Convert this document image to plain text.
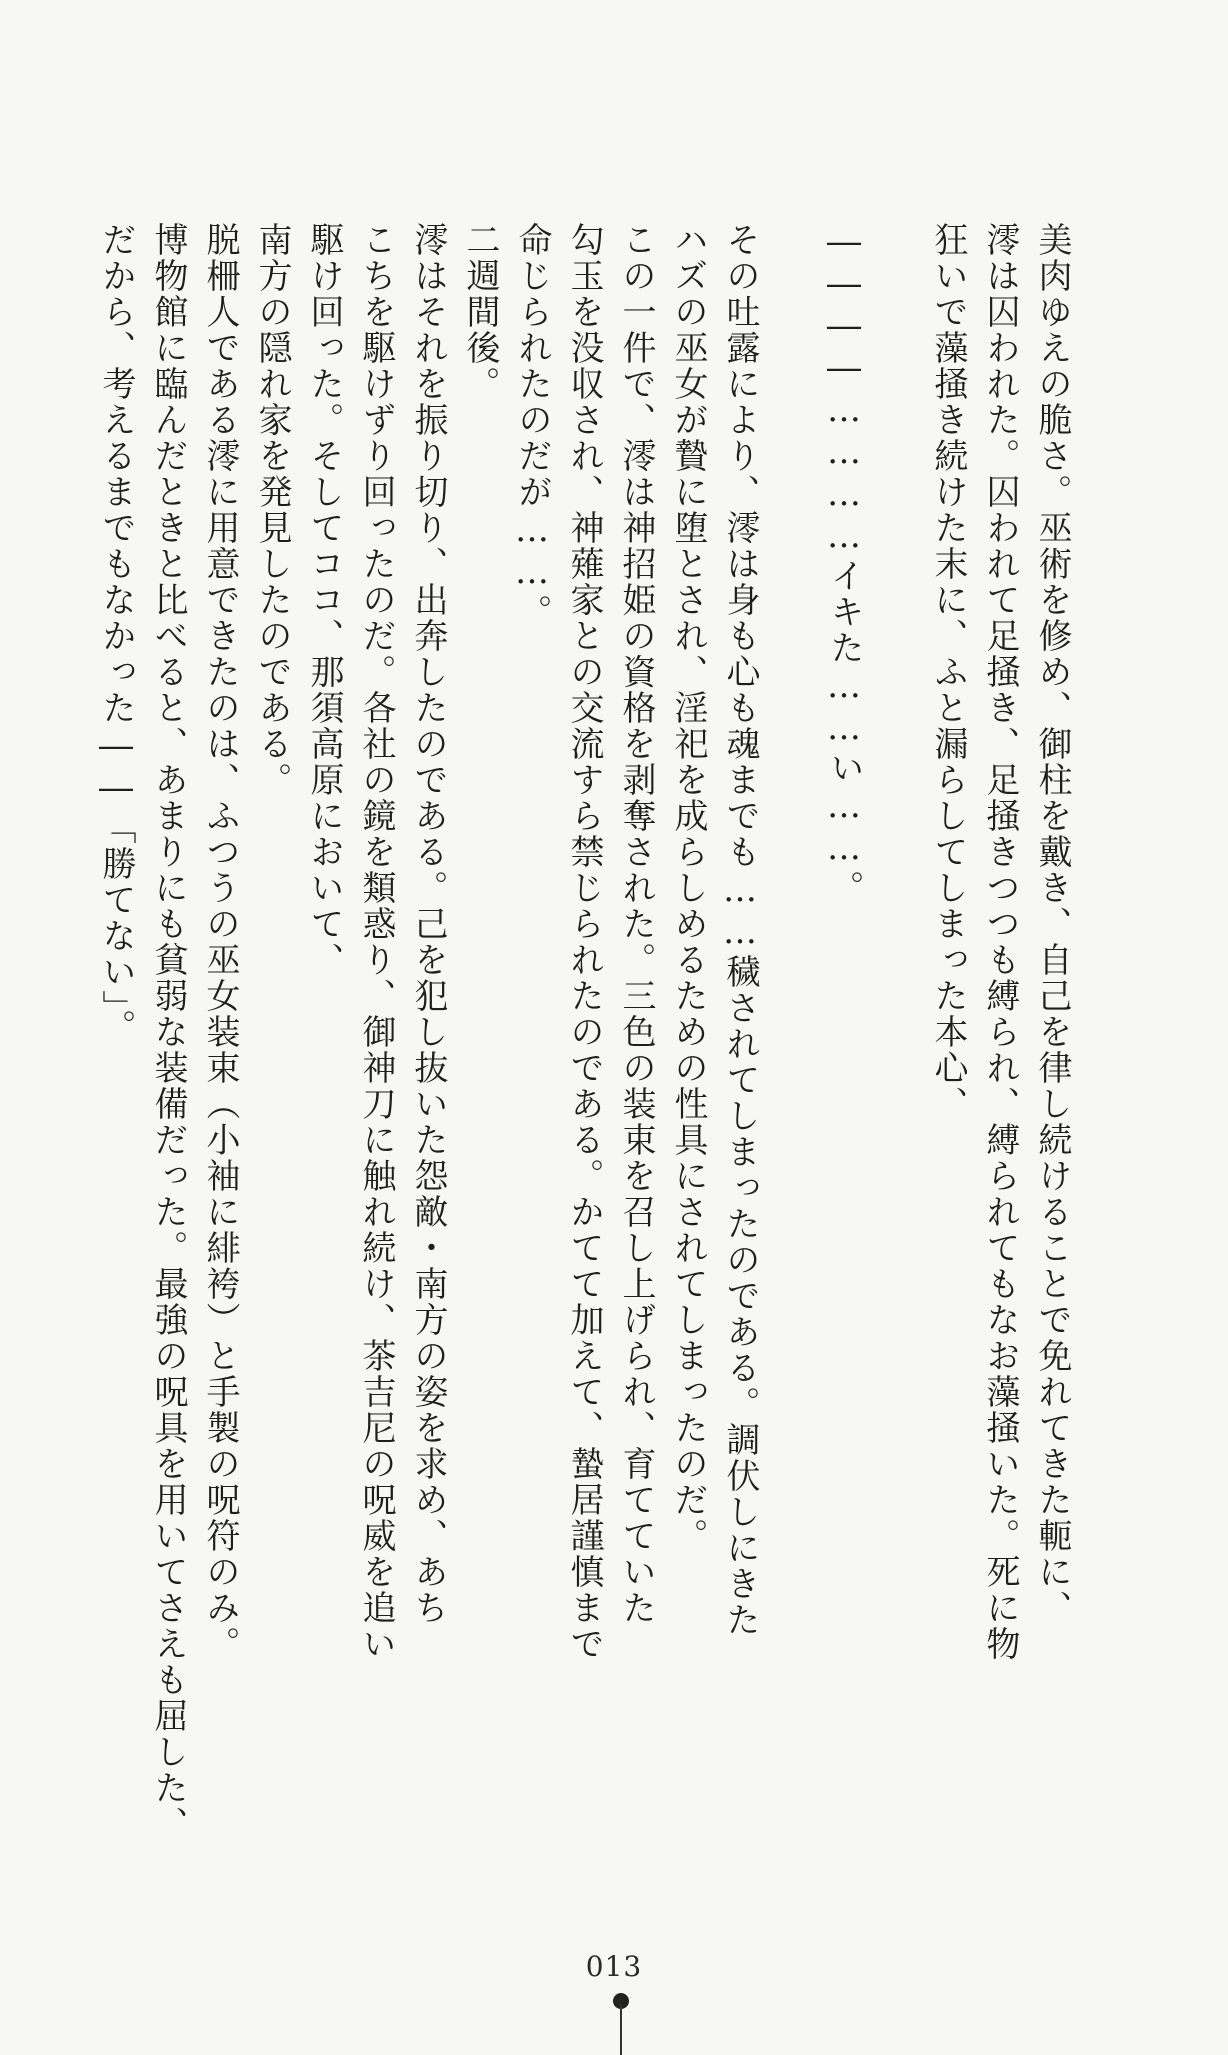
美肉ゆえの脆さ。巫術を修め、御柱を戴き、自己を律し続けることで免れてきた軛に、
澪は囚われた。囚われて足掻き、足掻きつつも縛られ、縛られてもなお藻掻いた。死に物
狂いで藻掻き続けた末に、ふと漏らしてしまった本心、
――――…………イキた……い……。
その吐露により、澪は身も心も魂までも……穢されてしまったのである。調伏しにきた
ハズの巫女が贄に堕とされ、淫祀を成らしめるための性具にされてしまったのだ。
この一件で、澪は神招姫の資格を剥奪された。三色の装束を召し上げられ、育てていた
勾玉を没収され、神薙家との交流すら禁じられたのである。かてて加えて、蟄居謹慎まで
命じられたのだが……。
二週間後。
澪はそれを振り切り、出奔したのである。己を犯し抜いた怨敵・南方の姿を求め、あち
こちを駆けずり回ったのだ。各社の鏡を類惑り、御神刀に触れ続け、茶吉尼の呪威を追い
駆け回った。そしてココ、那須高原において、
南方の隠れ家を発見したのである。
脱柵人である澪に用意できたのは、ふつうの巫女装束（小袖に緋袴）と手製の呪符のみ。
博物館に臨んだときと比べると、あまりにも貧弱な装備だった。最強の呪具を用いてさえも屈した、
だから、考えるまでもなかった――「勝てない」。
013
